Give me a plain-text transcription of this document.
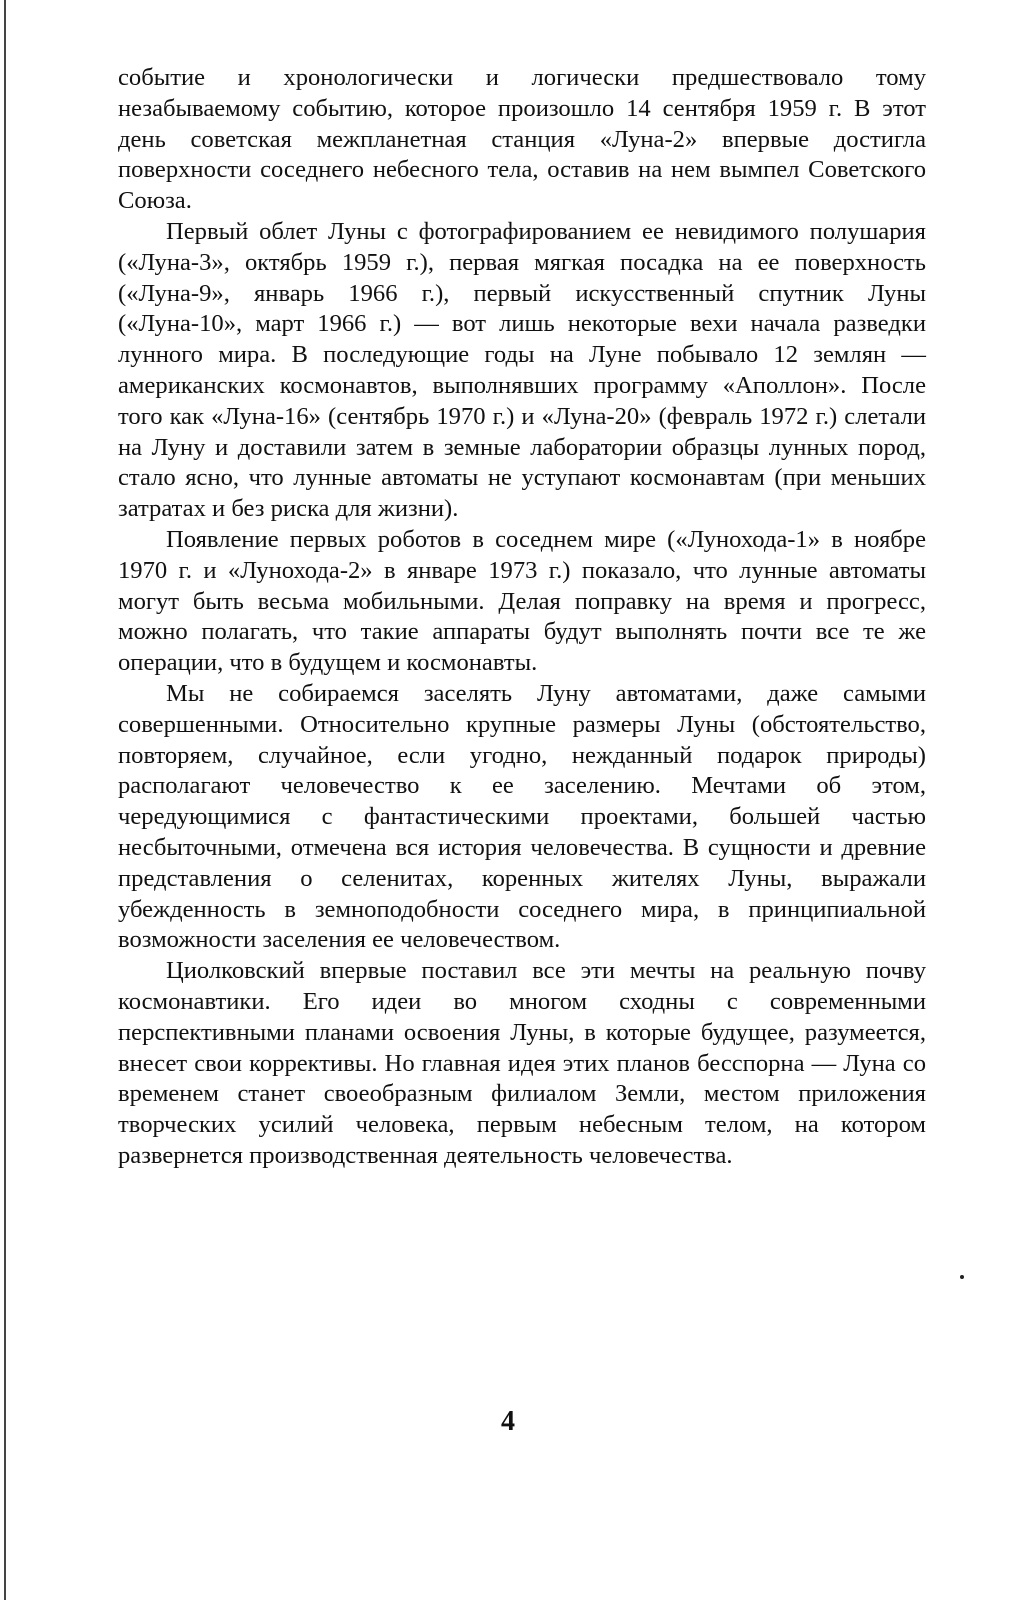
событие и хронологически и логически предшествовало тому незабываемому событию, которое произошло 14 сентября 1959 г. В этот день советская межпланетная станция «Луна-2» впервые достигла поверхности соседнего небесного тела, оставив на нем вымпел Советского Союза.

Первый облет Луны с фотографированием ее невидимого полушария («Луна-3», октябрь 1959 г.), первая мягкая посадка на ее поверхность («Луна-9», январь 1966 г.), первый искусственный спутник Луны («Луна-10», март 1966 г.) — вот лишь некоторые вехи начала разведки лунного мира. В последующие годы на Луне побывало 12 землян — американских космонавтов, выполнявших программу «Аполлон». После того как «Луна-16» (сентябрь 1970 г.) и «Луна-20» (февраль 1972 г.) слетали на Луну и доставили затем в земные лаборатории образцы лунных пород, стало ясно, что лунные автоматы не уступают космонавтам (при меньших затратах и без риска для жизни).

Появление первых роботов в соседнем мире («Лунохода-1» в ноябре 1970 г. и «Лунохода-2» в январе 1973 г.) показало, что лунные автоматы могут быть весьма мобильными. Делая поправку на время и прогресс, можно полагать, что такие аппараты будут выполнять почти все те же операции, что в будущем и космонавты.

Мы не собираемся заселять Луну автоматами, даже самыми совершенными. Относительно крупные размеры Луны (обстоятельство, повторяем, случайное, если угодно, нежданный подарок природы) располагают человечество к ее заселению. Мечтами об этом, чередующимися с фантастическими проектами, большей частью несбыточными, отмечена вся история человечества. В сущности и древние представления о селенитах, коренных жителях Луны, выражали убежденность в земноподобности соседнего мира, в принципиальной возможности заселения ее человечеством.

Циолковский впервые поставил все эти мечты на реальную почву космонавтики. Его идеи во многом сходны с современными перспективными планами освоения Луны, в которые будущее, разумеется, внесет свои коррективы. Но главная идея этих планов бесспорна — Луна со временем станет своеобразным филиалом Земли, местом приложения творческих усилий человека, первым небесным телом, на котором развернется производственная деятельность человечества.

4
